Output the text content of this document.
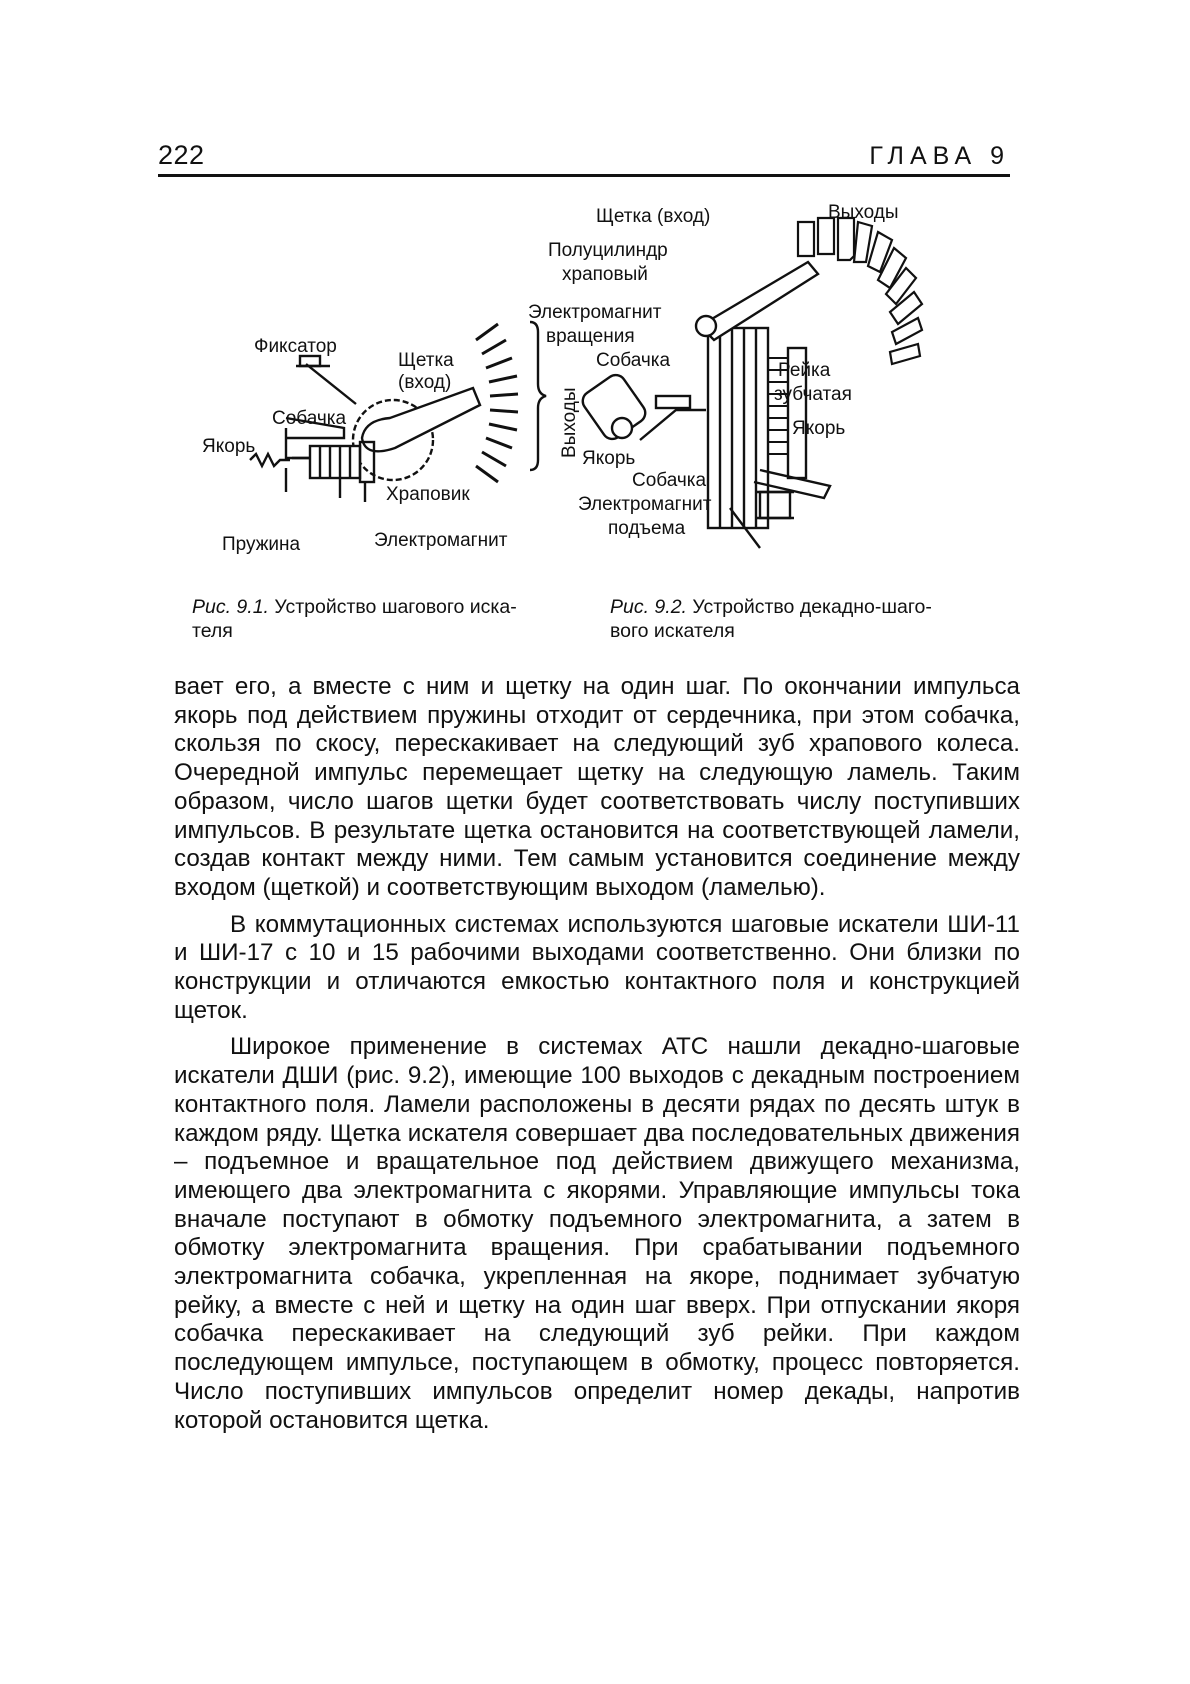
222	ГЛАВА 9
Фиксатор
Щетка
(вход)
Собачка
Якорь
Храповик
Пружина	Электромагнит
Выходы
Рис. 9.1. Устройство шагового иска-
теля
Щетка (вход)	Выходы
Полуцилиндр
храповый
Электромагнит
вращения
Собачка	Рейка
зубчатая
Якорь
Якорь
Собачка
Электромагнит
подъема
Рис. 9.2. Устройство декадно-шаго-
вого искателя

вает его, а вместе с ним и щетку на один шаг. По окончании импульса якорь под действием пружины отходит от сердечника, при этом собачка, скользя по скосу, перескакивает на следующий зуб храпового колеса. Очередной импульс перемещает щетку на следующую ламель. Таким образом, число шагов щетки будет соответствовать числу поступивших импульсов. В результате щетка остановится на соответствующей ламели, создав контакт между ними. Тем самым установится соединение между входом (щеткой) и соответствующим выходом (ламелью).

В коммутационных системах используются шаговые искатели ШИ-11 и ШИ-17 с 10 и 15 рабочими выходами соответственно. Они близки по конструкции и отличаются емкостью контактного поля и конструкцией щеток.

Широкое применение в системах АТС нашли декадно-шаговые искатели ДШИ (рис. 9.2), имеющие 100 выходов с декадным построением контактного поля. Ламели расположены в десяти рядах по десять штук в каждом ряду. Щетка искателя совершает два последовательных движения – подъемное и вращательное под действием движущего механизма, имеющего два электромагнита с якорями. Управляющие импульсы тока вначале поступают в обмотку подъемного электромагнита, а затем в обмотку электромагнита вращения. При срабатывании подъемного электромагнита собачка, укрепленная на якоре, поднимает зубчатую рейку, а вместе с ней и щетку на один шаг вверх. При отпускании якоря собачка перескакивает на следующий зуб рейки. При каждом последующем импульсе, поступающем в обмотку, процесс повторяется. Число поступивших импульсов определит номер декады, напротив которой остановится щетка.
